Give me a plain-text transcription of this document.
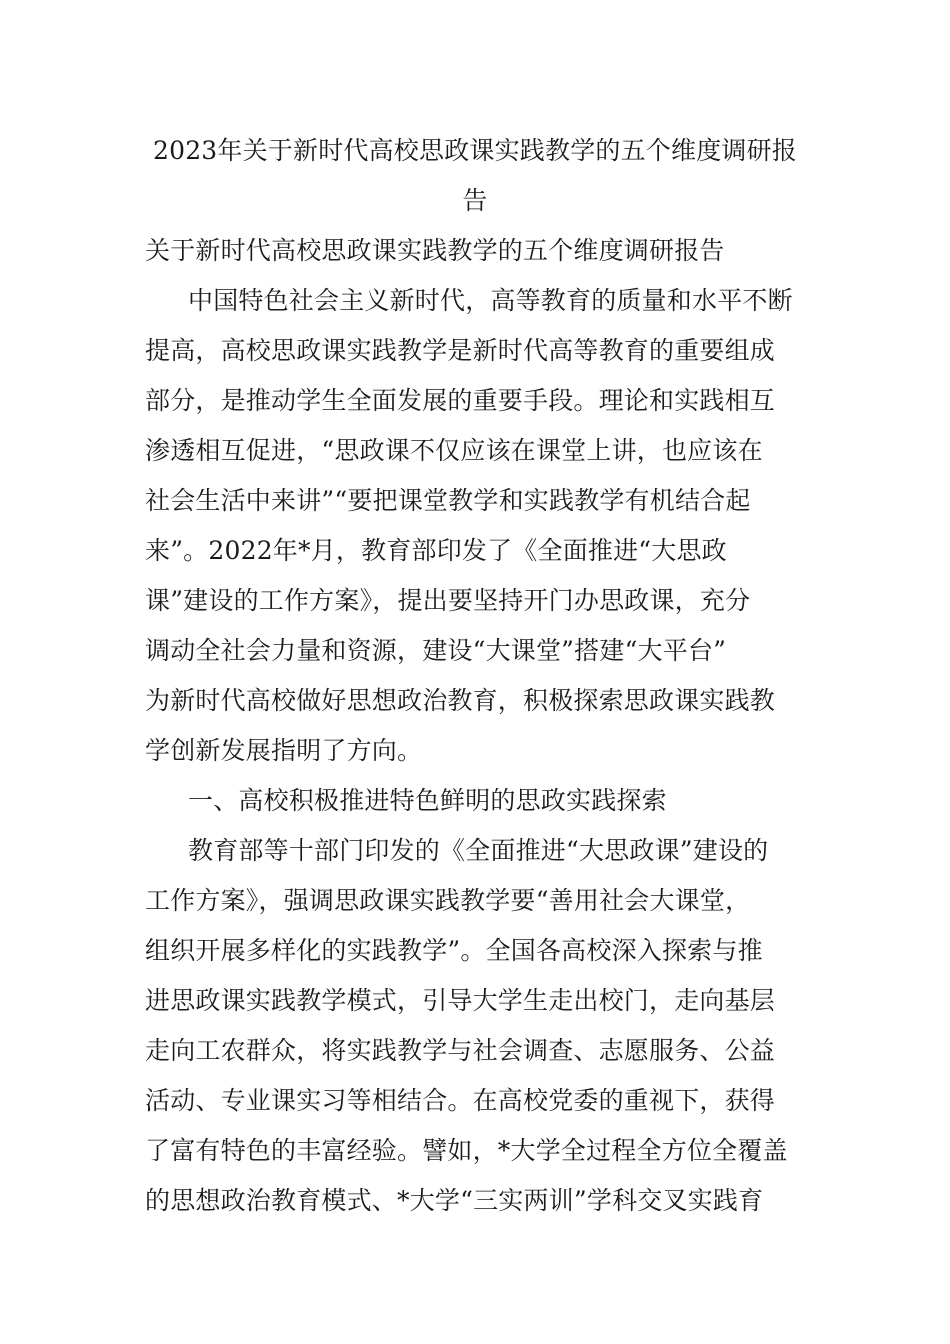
2023年关于新时代高校思政课实践教学的五个维度调研报
告
关于新时代高校思政课实践教学的五个维度调研报告
中国特色社会主义新时代，高等教育的质量和水平不断
提高，高校思政课实践教学是新时代高等教育的重要组成
部分，是推动学生全面发展的重要手段。理论和实践相互
渗透相互促进，“思政课不仅应该在课堂上讲，也应该在
社会生活中来讲”“要把课堂教学和实践教学有机结合起
来”。2022年*月，教育部印发了《全面推进“大思政
课”建设的工作方案》，提出要坚持开门办思政课，充分
调动全社会力量和资源，建设“大课堂”搭建“大平台”
为新时代高校做好思想政治教育，积极探索思政课实践教
学创新发展指明了方向。
一、高校积极推进特色鲜明的思政实践探索
教育部等十部门印发的《全面推进“大思政课”建设的
工作方案》，强调思政课实践教学要“善用社会大课堂，
组织开展多样化的实践教学”。全国各高校深入探索与推
进思政课实践教学模式，引导大学生走出校门，走向基层
走向工农群众，将实践教学与社会调查、志愿服务、公益
活动、专业课实习等相结合。在高校党委的重视下，获得
了富有特色的丰富经验。譬如，*大学全过程全方位全覆盖
的思想政治教育模式、*大学“三实两训”学科交叉实践育
